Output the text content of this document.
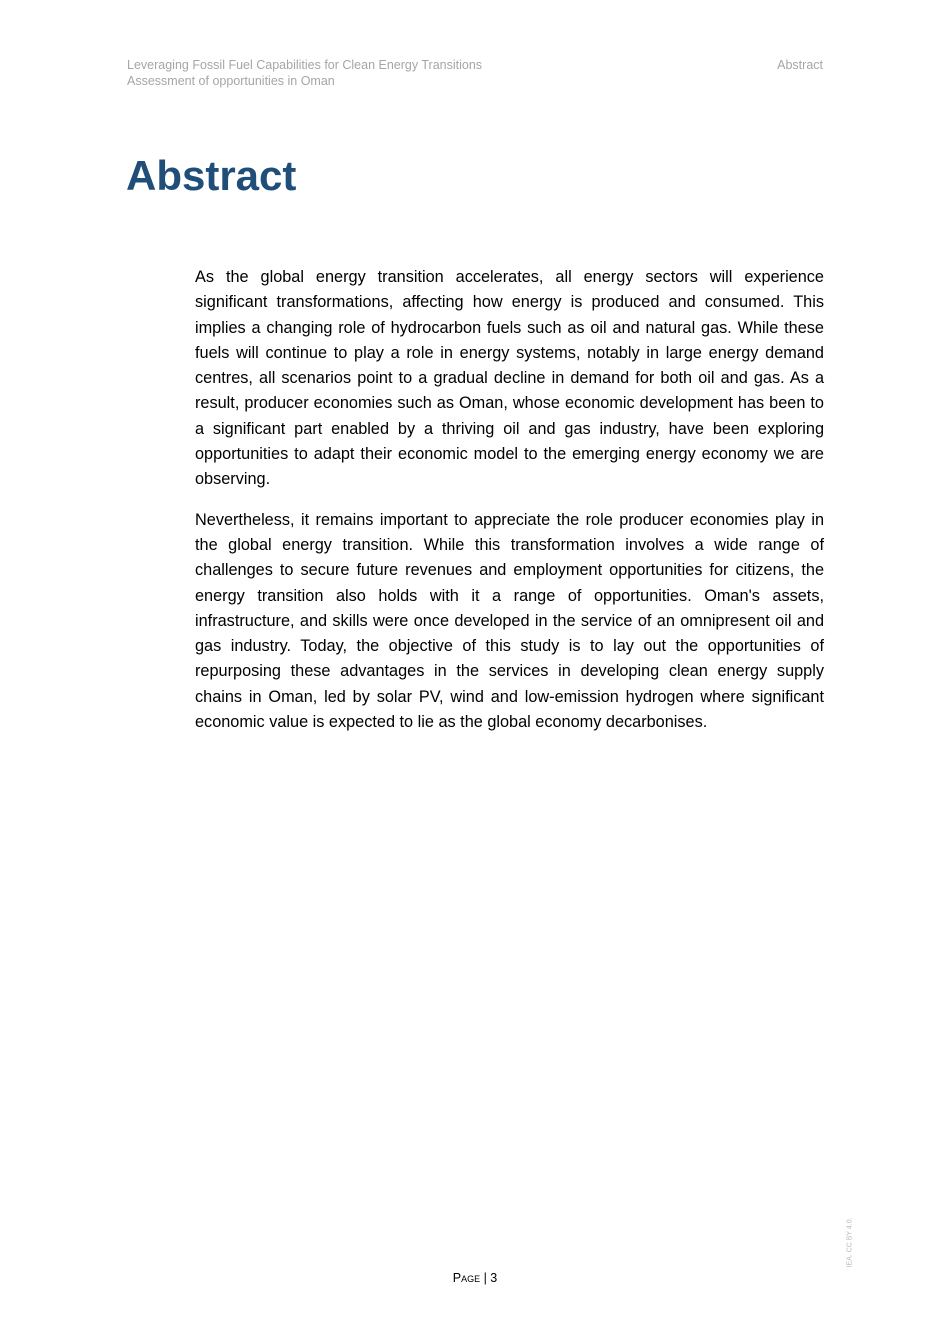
Leveraging Fossil Fuel Capabilities for Clean Energy Transitions
Assessment of opportunities in Oman
Abstract
Abstract

As the global energy transition accelerates, all energy sectors will experience significant transformations, affecting how energy is produced and consumed. This implies a changing role of hydrocarbon fuels such as oil and natural gas. While these fuels will continue to play a role in energy systems, notably in large energy demand centres, all scenarios point to a gradual decline in demand for both oil and gas. As a result, producer economies such as Oman, whose economic development has been to a significant part enabled by a thriving oil and gas industry, have been exploring opportunities to adapt their economic model to the emerging energy economy we are observing.

Nevertheless, it remains important to appreciate the role producer economies play in the global energy transition. While this transformation involves a wide range of challenges to secure future revenues and employment opportunities for citizens, the energy transition also holds with it a range of opportunities. Oman's assets, infrastructure, and skills were once developed in the service of an omnipresent oil and gas industry. Today, the objective of this study is to lay out the opportunities of repurposing these advantages in the services in developing clean energy supply chains in Oman, led by solar PV, wind and low-emission hydrogen where significant economic value is expected to lie as the global economy decarbonises.

Page | 3
IEA. CC BY 4.0.
